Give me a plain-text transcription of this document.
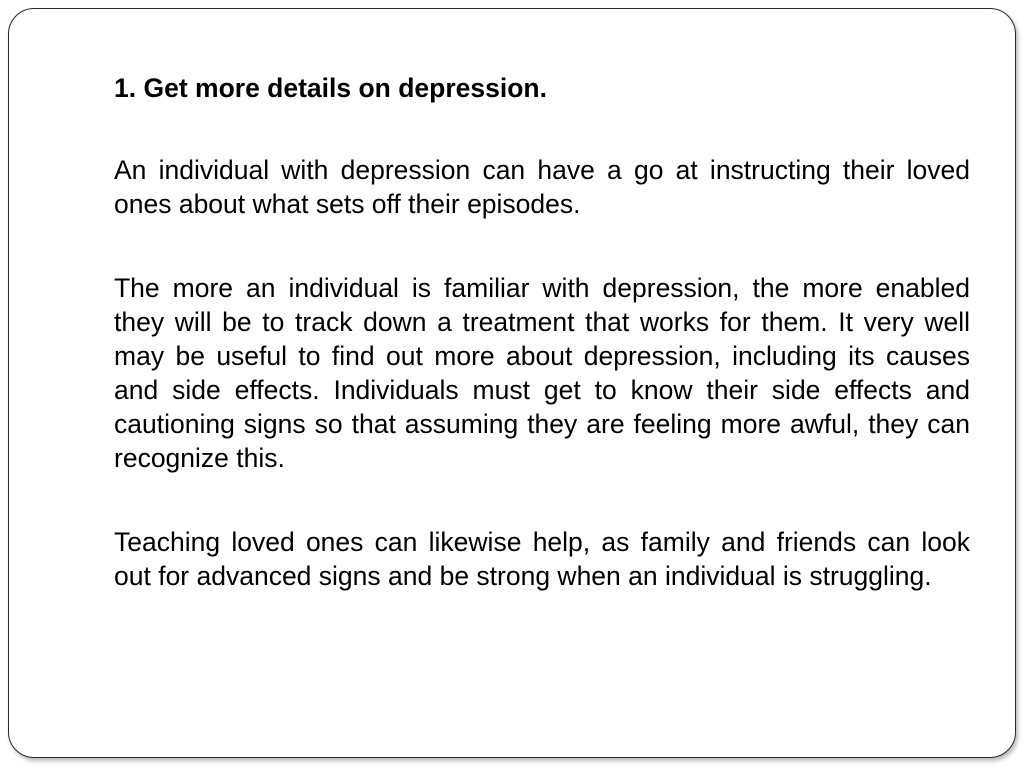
1. Get more details on depression.

An individual with depression can have a go at instructing their loved ones about what sets off their episodes.

The more an individual is familiar with depression, the more enabled they will be to track down a treatment that works for them. It very well may be useful to find out more about depression, including its causes and side effects. Individuals must get to know their side effects and cautioning signs so that assuming they are feeling more awful, they can recognize this.

Teaching loved ones can likewise help, as family and friends can look out for advanced signs and be strong when an individual is struggling.
